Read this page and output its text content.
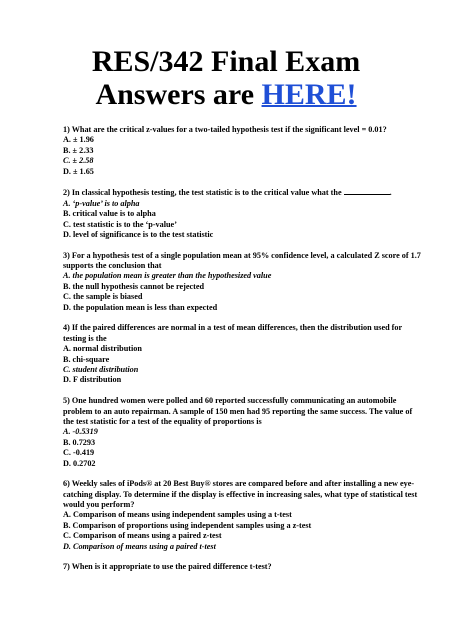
RES/342 Final Exam
Answers are HERE!

1) What are the critical z-values for a two-tailed hypothesis test if the significant level = 0.01?

A. ± 1.96
B. ± 2.33
C. ± 2.58
D. ± 1.65

2) In classical hypothesis testing, the test statistic is to the critical value what the	.

A. ‘p-value’ is to alpha
B. critical value is to alpha
C. test statistic is to the ‘p-value’
D. level of significance is to the test statistic

3) For a hypothesis test of a single population mean at 95% confidence level, a calculated Z score of 1.7 supports the conclusion that

A. the population mean is greater than the hypothesized value
B. the null hypothesis cannot be rejected
C. the sample is biased
D. the population mean is less than expected

4) If the paired differences are normal in a test of mean differences, then the distribution used for testing is the

A. normal distribution
B. chi-square
C. student distribution
D. F distribution

5) One hundred women were polled and 60 reported successfully communicating an automobile problem to an auto repairman. A sample of 150 men had 95 reporting the same success. The value of the test statistic for a test of the equality of proportions is

A. -0.5319
B. 0.7293
C. -0.419
D. 0.2702

6) Weekly sales of iPods® at 20 Best Buy® stores are compared before and after installing a new eye-catching display. To determine if the display is effective in increasing sales, what type of statistical test would you perform?

A. Comparison of means using independent samples using a t-test
B. Comparison of proportions using independent samples using a z-test
C. Comparison of means using a paired z-test
D. Comparison of means using a paired t-test

7) When is it appropriate to use the paired difference t-test?
